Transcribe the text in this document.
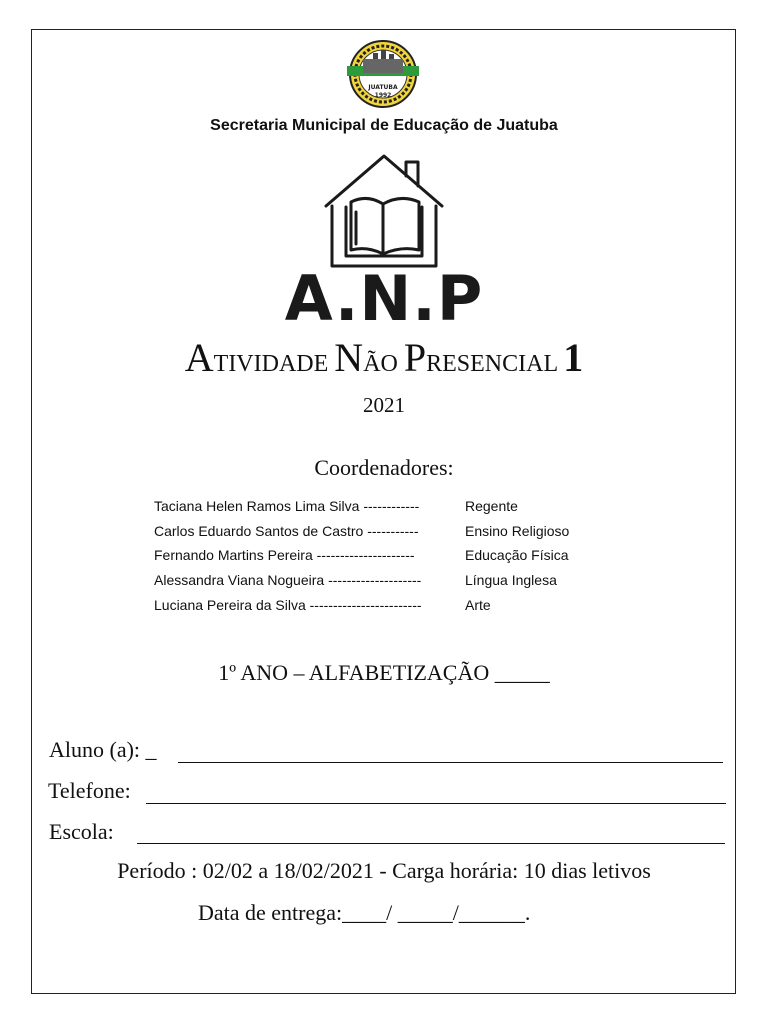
JUATUBA
1992
Secretaria Municipal de Educação de Juatuba
A.N.P
ATIVIDADE NÃO PRESENCIAL 1
2021
Coordenadores:
Taciana Helen Ramos Lima Silva ------------	Regente
Carlos Eduardo Santos de Castro -----------	Ensino Religioso
Fernando Martins Pereira ---------------------	Educação Física
Alessandra Viana Nogueira --------------------	Língua Inglesa
Luciana Pereira da Silva ------------------------	Arte
1º ANO – ALFABETIZAÇÃO _____
Aluno (a): _
Telefone:
Escola:
Período : 02/02 a 18/02/2021 - Carga horária: 10 dias letivos
Data de entrega:____/ _____/______.
